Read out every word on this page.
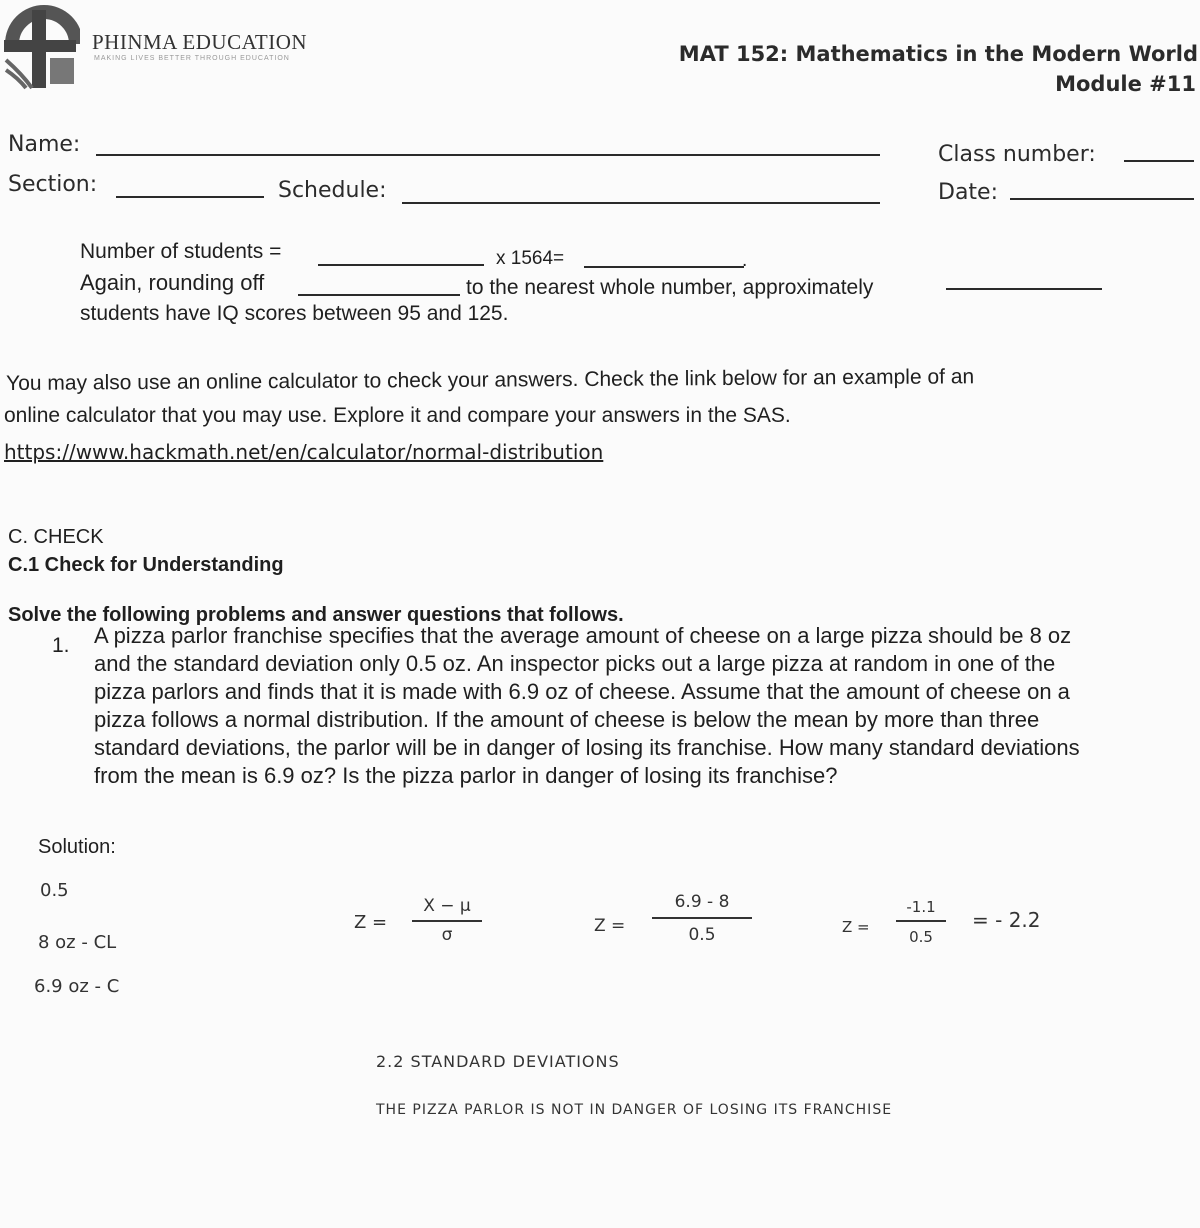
PHINMA EDUCATION
MAKING LIVES BETTER THROUGH EDUCATION	MAT 152: Mathematics in the Modern World
Module #11
Name:
Section:	Schedule:
Class number:
Date:
Number of students =	x 1564=	.
Again, rounding off	to the nearest whole number, approximately
students have IQ scores between 95 and 125.
You may also use an online calculator to check your answers. Check the link below for an example of an
online calculator that you may use. Explore it and compare your answers in the SAS.
https://www.hackmath.net/en/calculator/normal-distribution
C. CHECK
C.1 Check for Understanding
Solve the following problems and answer questions that follows.
1. A pizza parlor franchise specifies that the average amount of cheese on a large pizza should be 8 oz
and the standard deviation only 0.5 oz. An inspector picks out a large pizza at random in one of the
pizza parlors and finds that it is made with 6.9 oz of cheese. Assume that the amount of cheese on a
pizza follows a normal distribution. If the amount of cheese is below the mean by more than three
standard deviations, the parlor will be in danger of losing its franchise. How many standard deviations
from the mean is 6.9 oz? Is the pizza parlor in danger of losing its franchise?
Solution:
0.5
8 oz - CL
6.9 oz - C
Z =
X − μ
σ	Z =
6.9 - 8
0.5	Z =
-1.1
0.5
= - 2.2
2.2 STANDARD DEVIATIONS
THE PIZZA PARLOR IS NOT IN DANGER OF LOSING ITS FRANCHISE
